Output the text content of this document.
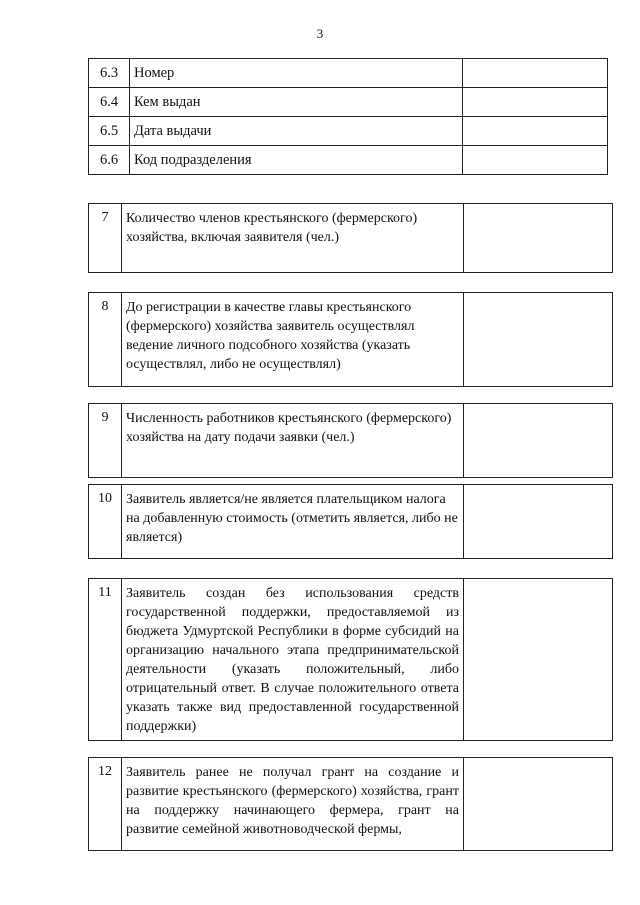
3
6.3	Номер	
6.4	Кем выдан	
6.5	Дата выдачи	
6.6	Код подразделения	
7	Количество членов крестьянского (фермерского) хозяйства, включая заявителя (чел.)	
8	До регистрации в качестве главы крестьянского (фермерского) хозяйства заявитель осуществлял ведение личного подсобного хозяйства (указать осуществлял, либо не осуществлял)	
9	Численность работников крестьянского (фермерского) хозяйства на дату подачи заявки (чел.)	
10	Заявитель является/не является плательщиком налога на добавленную стоимость (отметить является, либо не является)	
11	Заявитель создан без использования средств государственной поддержки, предоставляемой из бюджета Удмуртской Республики в форме субсидий на организацию начального этапа предпринимательской деятельности (указать положительный, либо отрицательный ответ. В случае положительного ответа указать также вид предоставленной государственной поддержки)	
12	Заявитель ранее не получал грант на создание и развитие крестьянского (фермерского) хозяйства, грант на поддержку начинающего фермера, грант на развитие семейной животноводческой фермы,	
